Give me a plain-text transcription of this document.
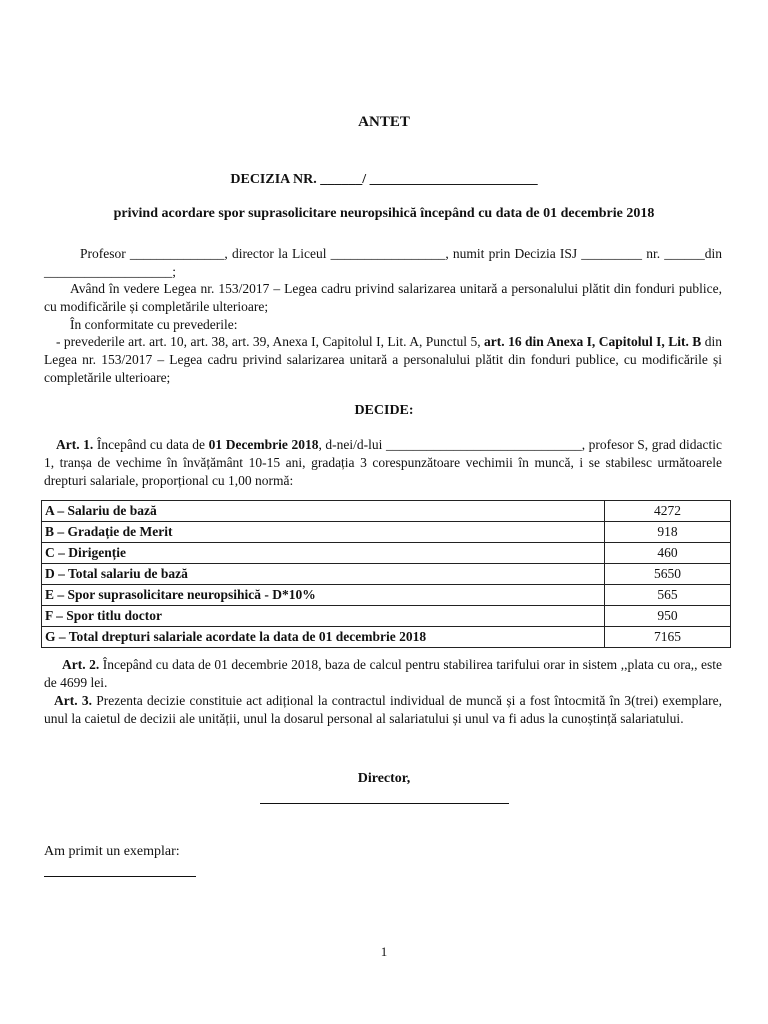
ANTET
DECIZIA NR. ______/ ________________________
privind acordare spor suprasolicitare neuropsihică începând cu data de 01 decembrie 2018
Profesor ______________, director la Liceul _________________, numit prin Decizia ISJ _________ nr. ______din ___________________;
Având în vedere Legea nr. 153/2017 – Legea cadru privind salarizarea unitară a personalului plătit din fonduri publice, cu modificările și completările ulterioare;
În conformitate cu prevederile:
- prevederile art. art. 10, art. 38, art. 39, Anexa I, Capitolul I, Lit. A, Punctul 5, art. 16 din Anexa I, Capitolul I, Lit. B din Legea nr. 153/2017 – Legea cadru privind salarizarea unitară a personalului plătit din fonduri publice, cu modificările și completările ulterioare;
DECIDE:
Art. 1. Începând cu data de 01 Decembrie 2018, d-nei/d-lui _____________________________, profesor S, grad didactic 1, tranșa de vechime în învățământ 10-15 ani, gradația 3 corespunzătoare vechimii în muncă, i se stabilesc următoarele drepturi salariale, proporțional cu 1,00 normă:
A – Salariu de bază	4272
B – Gradație de Merit	918
C – Dirigenție	460
D – Total salariu de bază	5650
E – Spor suprasolicitare neuropsihică - D*10%	565
F – Spor titlu doctor	950
G – Total drepturi salariale acordate la data de 01 decembrie 2018	7165
Art. 2. Începând cu data de 01 decembrie 2018, baza de calcul pentru stabilirea tarifului orar in sistem ,,plata cu ora,, este de 4699 lei.
Art. 3. Prezenta decizie constituie act adițional la contractul individual de muncă și a fost întocmită în 3(trei) exemplare, unul la caietul de decizii ale unității, unul la dosarul personal al salariatului și unul va fi adus la cunoștință salariatului.
Director,
Am primit un exemplar:
1
